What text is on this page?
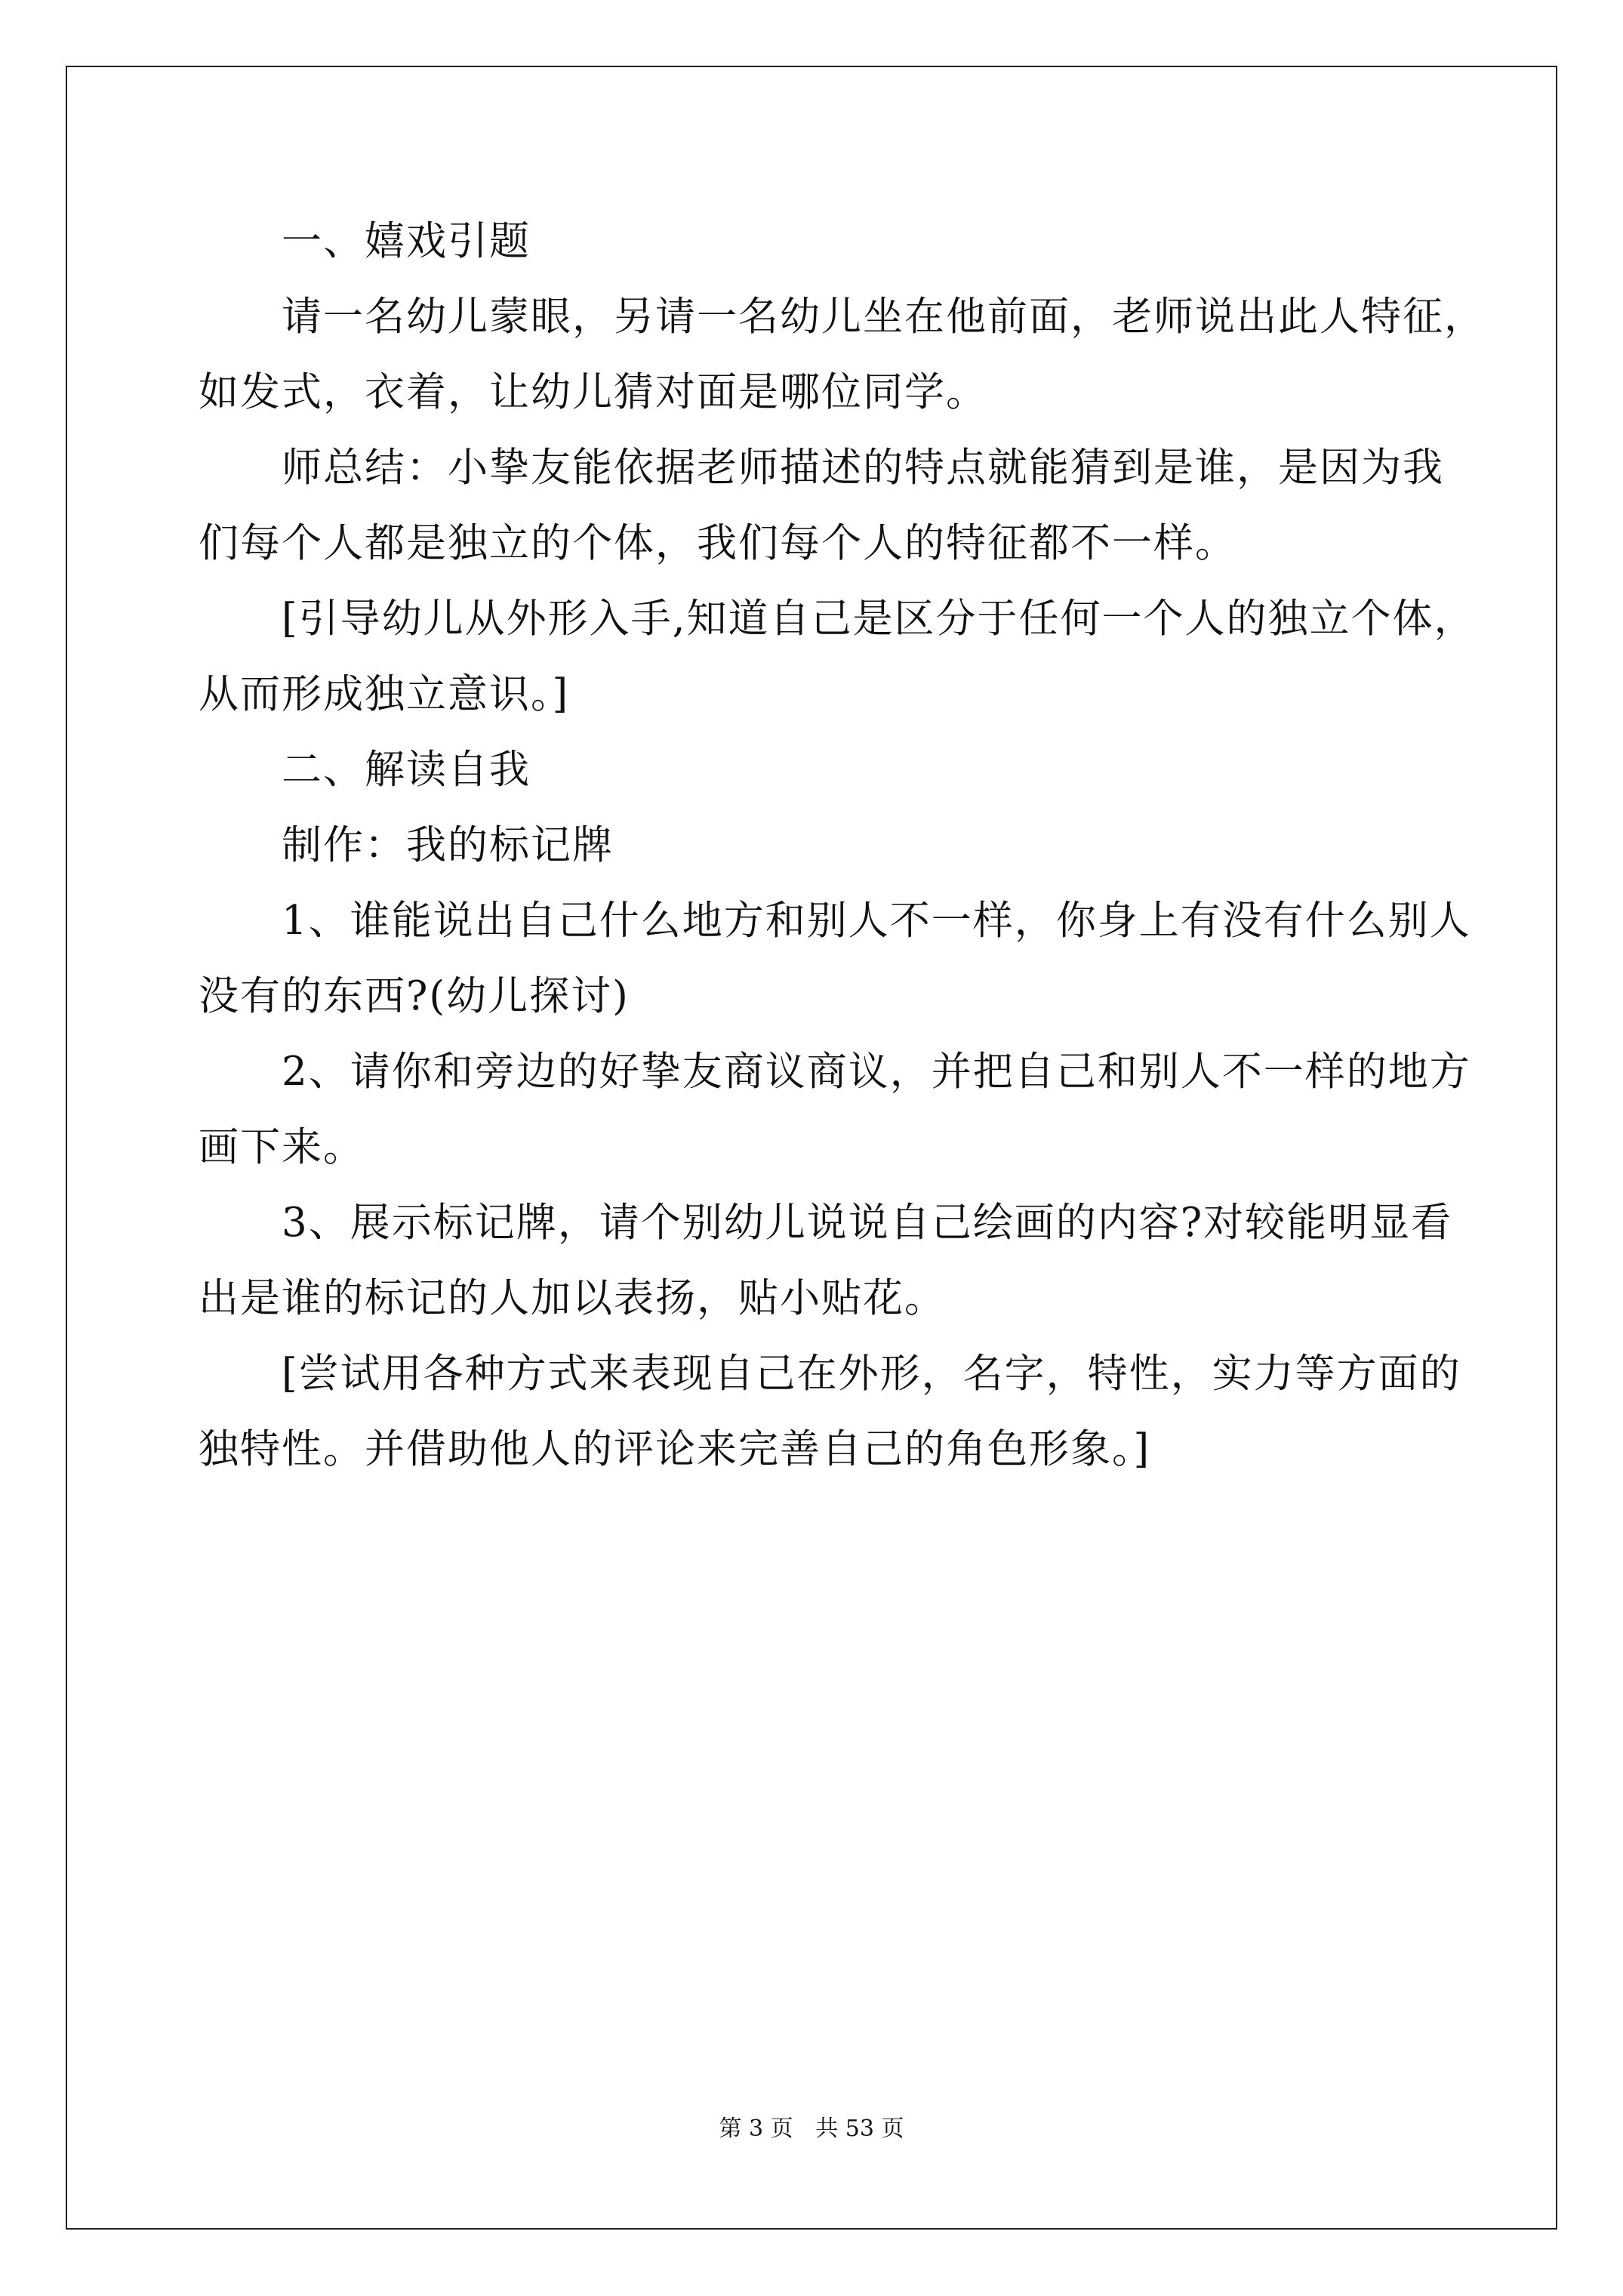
一、嬉戏引题
请一名幼儿蒙眼，另请一名幼儿坐在他前面，老师说出此人特征，
如发式，衣着，让幼儿猜对面是哪位同学。
师总结：小挚友能依据老师描述的特点就能猜到是谁，是因为我
们每个人都是独立的个体，我们每个人的特征都不一样。
[引导幼儿从外形入手,知道自己是区分于任何一个人的独立个体，
从而形成独立意识。]
二、解读自我
制作：我的标记牌
1、谁能说出自己什么地方和别人不一样，你身上有没有什么别人
没有的东西?(幼儿探讨)
2、请你和旁边的好挚友商议商议，并把自己和别人不一样的地方
画下来。
3、展示标记牌，请个别幼儿说说自己绘画的内容?对较能明显看
出是谁的标记的人加以表扬，贴小贴花。
[尝试用各种方式来表现自己在外形，名字，特性，实力等方面的
独特性。并借助他人的评论来完善自己的角色形象。]
第 3 页 共 53 页
